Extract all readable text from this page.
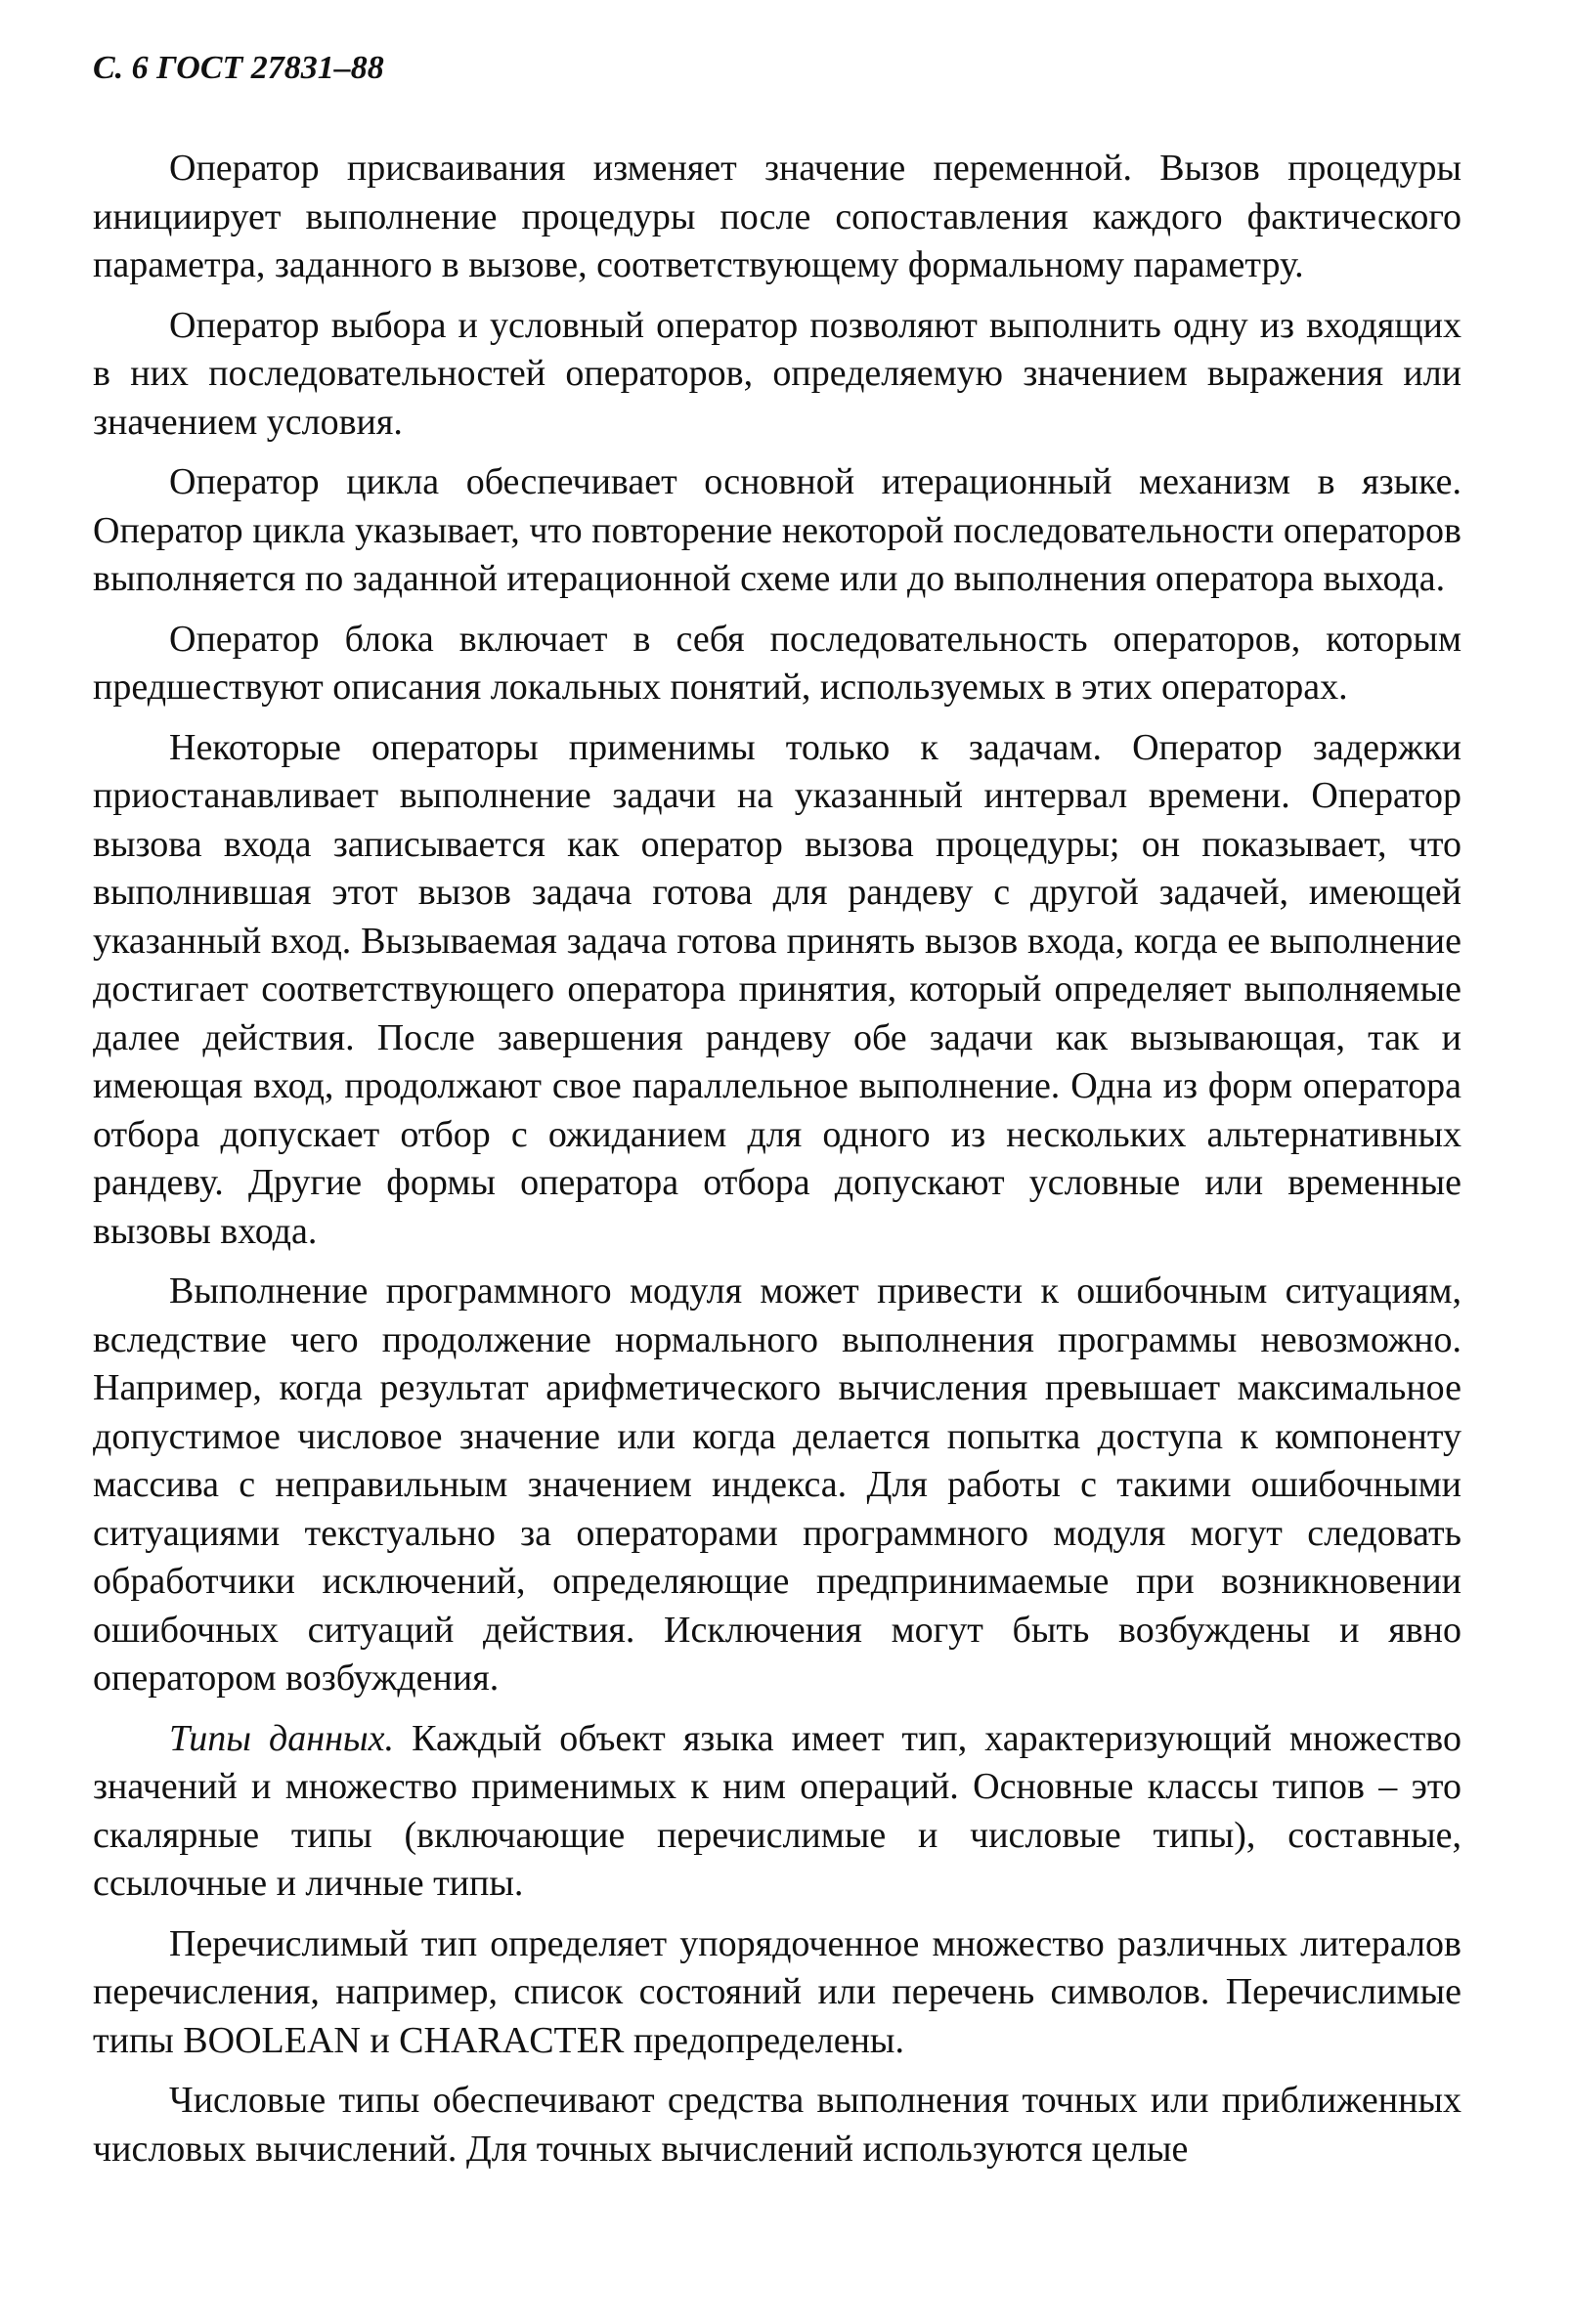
С. 6 ГОСТ 27831–88

Оператор присваивания изменяет значение переменной. Вызов процедуры инициирует выполнение процедуры после сопоставления каждого фактического параметра, заданного в вызове, соответствующему формальному параметру.

Оператор выбора и условный оператор позволяют выполнить одну из входящих в них последовательностей операторов, определяемую значением выражения или значением условия.

Оператор цикла обеспечивает основной итерационный механизм в языке. Оператор цикла указывает, что повторение некоторой последовательности операторов выполняется по заданной итерационной схеме или до выполнения оператора выхода.

Оператор блока включает в себя последовательность операторов, которым предшествуют описания локальных понятий, используемых в этих операторах.

Некоторые операторы применимы только к задачам. Оператор задержки приостанавливает выполнение задачи на указанный интервал времени. Оператор вызова входа записывается как оператор вызова процедуры; он показывает, что выполнившая этот вызов задача готова для рандеву с другой задачей, имеющей указанный вход. Вызываемая задача готова принять вызов входа, когда ее выполнение достигает соответствующего оператора принятия, который определяет выполняемые далее действия. После завершения рандеву обе задачи как вызывающая, так и имеющая вход, продолжают свое параллельное выполнение. Одна из форм оператора отбора допускает отбор с ожиданием для одного из нескольких альтернативных рандеву. Другие формы оператора отбора допускают условные или временные вызовы входа.

Выполнение программного модуля может привести к ошибочным ситуациям, вследствие чего продолжение нормального выполнения программы невозможно. Например, когда результат арифметического вычисления превышает максимальное допустимое числовое значение или когда делается попытка доступа к компоненту массива с неправильным значением индекса. Для работы с такими ошибочными ситуациями текстуально за операторами программного модуля могут следовать обработчики исключений, определяющие предпринимаемые при возникновении ошибочных ситуаций действия. Исключения могут быть возбуждены и явно оператором возбуждения.

Типы данных. Каждый объект языка имеет тип, характеризующий множество значений и множество применимых к ним операций. Основные классы типов – это скалярные типы (включающие перечислимые и числовые типы), составные, ссылочные и личные типы.

Перечислимый тип определяет упорядоченное множество различных литералов перечисления, например, список состояний или перечень символов. Перечислимые типы BOOLEAN и CHARACTER предопределены.

Числовые типы обеспечивают средства выполнения точных или приближенных числовых вычислений. Для точных вычислений используются целые
